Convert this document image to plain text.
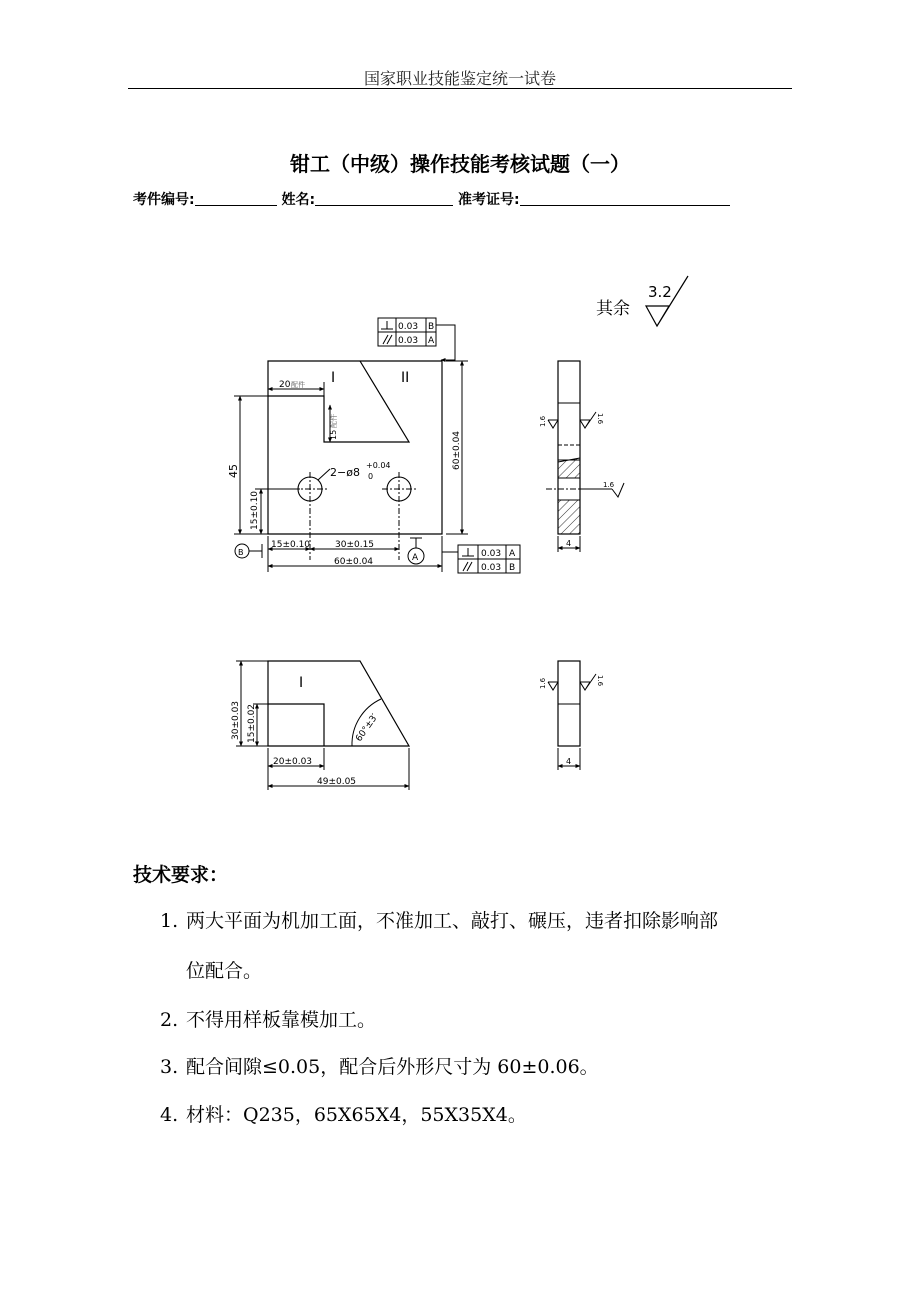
国家职业技能鉴定统一试卷
钳工（中级）操作技能考核试题（一）
考件编号:	姓名:	准考证号:
其余
3.2
0.03 B
0.03 A
I	II
20 配件
15
配件
2−ø8
+0.04
0
45
15±0.10
60±0.04
15±0.10	30±0.15
60±0.04
B
A	0.03 A
0.03 B
1.6	1.6
1.6
4
I
30±0.03 15±0.02	60°±3′
20±0.03
49±0.05
1.6	1.6
4
技术要求：
1. 两大平面为机加工面，不准加工、敲打、碾压，违者扣除影响部
位配合。
2. 不得用样板靠模加工。
3. 配合间隙≤0.05，配合后外形尺寸为 60±0.06。
4. 材料：Q235，65X65X4，55X35X4。
